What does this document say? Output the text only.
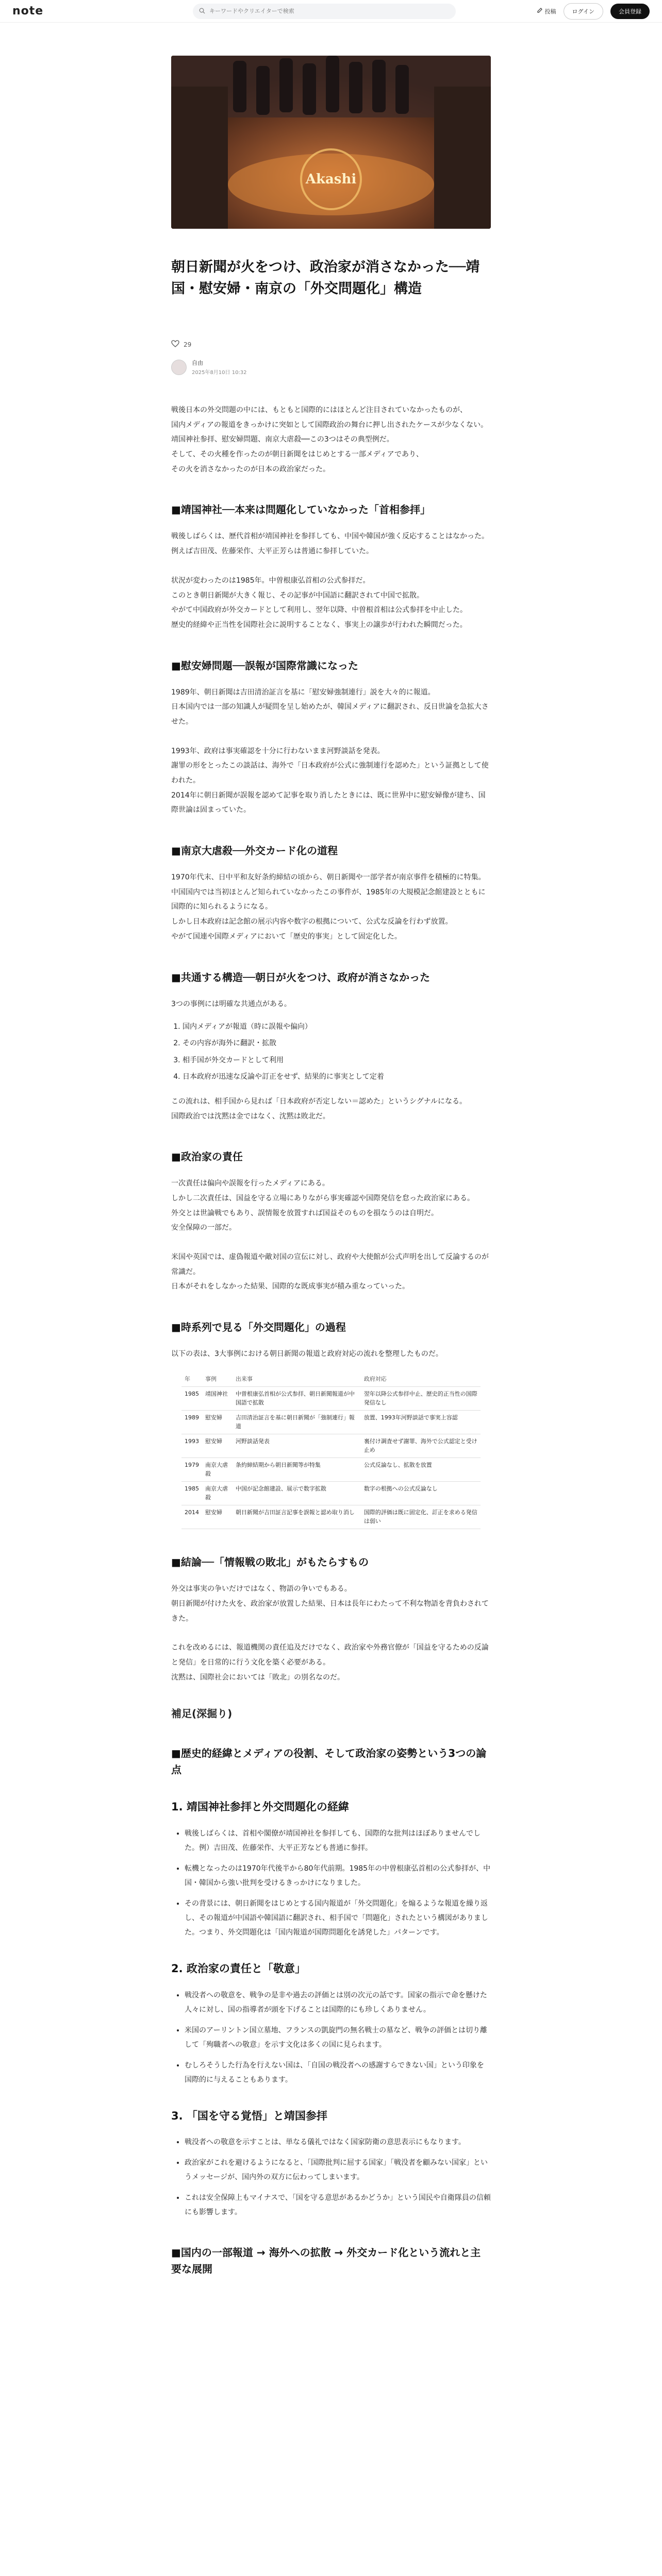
note
キーワードやクリエイターで検索	投稿	ログイン	会員登録
Akashi
朝日新聞が火をつけ、政治家が消さなかった──靖国・慰安婦・南京の「外交問題化」構造
29
自由
2025年8月10日 10:32

戦後日本の外交問題の中には、もともと国際的にはほとんど注目されていなかったものが、

国内メディアの報道をきっかけに突如として国際政治の舞台に押し出されたケースが少なくない。

靖国神社参拝、慰安婦問題、南京大虐殺──この3つはその典型例だ。

そして、その火種を作ったのが朝日新聞をはじめとする一部メディアであり、

その火を消さなかったのが日本の政治家だった。

■靖国神社──本来は問題化していなかった「首相参拝」

戦後しばらくは、歴代首相が靖国神社を参拝しても、中国や韓国が強く反応することはなかった。

例えば吉田茂、佐藤栄作、大平正芳らは普通に参拝していた。

状況が変わったのは1985年。中曽根康弘首相の公式参拝だ。

このとき朝日新聞が大きく報じ、その記事が中国語に翻訳されて中国で拡散。

やがて中国政府が外交カードとして利用し、翌年以降、中曽根首相は公式参拝を中止した。

歴史的経緯や正当性を国際社会に説明することなく、事実上の譲歩が行われた瞬間だった。

■慰安婦問題──誤報が国際常識になった

1989年、朝日新聞は吉田清治証言を基に「慰安婦強制連行」説を大々的に報道。

日本国内では一部の知識人が疑問を呈し始めたが、韓国メディアに翻訳され、反日世論を急拡大させた。

1993年、政府は事実確認を十分に行わないまま河野談話を発表。

謝罪の形をとったこの談話は、海外で「日本政府が公式に強制連行を認めた」という証拠として使われた。

2014年に朝日新聞が誤報を認めて記事を取り消したときには、既に世界中に慰安婦像が建ち、国際世論は固まっていた。

■南京大虐殺──外交カード化の道程

1970年代末、日中平和友好条約締結の頃から、朝日新聞や一部学者が南京事件を積極的に特集。

中国国内では当初ほとんど知られていなかったこの事件が、1985年の大規模記念館建設とともに国際的に知られるようになる。

しかし日本政府は記念館の展示内容や数字の根拠について、公式な反論を行わず放置。

やがて国連や国際メディアにおいて「歴史的事実」として固定化した。

■共通する構造──朝日が火をつけ、政府が消さなかった

3つの事例には明確な共通点がある。

1. 国内メディアが報道（時に誤報や偏向）
2. その内容が海外に翻訳・拡散
3. 相手国が外交カードとして利用
4. 日本政府が迅速な反論や訂正をせず、結果的に事実として定着

この流れは、相手国から見れば「日本政府が否定しない＝認めた」というシグナルになる。

国際政治では沈黙は金ではなく、沈黙は敗北だ。

■政治家の責任

一次責任は偏向や誤報を行ったメディアにある。

しかし二次責任は、国益を守る立場にありながら事実確認や国際発信を怠った政治家にある。

外交とは世論戦でもあり、誤情報を放置すれば国益そのものを損なうのは自明だ。

安全保障の一部だ。

米国や英国では、虚偽報道や敵対国の宣伝に対し、政府や大使館が公式声明を出して反論するのが常識だ。

日本がそれをしなかった結果、国際的な既成事実が積み重なっていった。

■時系列で見る「外交問題化」の過程

以下の表は、3大事例における朝日新聞の報道と政府対応の流れを整理したものだ。

年	事例	出来事	政府対応
1985	靖国神社	中曽根康弘首相が公式参拝、朝日新聞報道が中国語で拡散	翌年以降公式参拝中止、歴史的正当性の国際発信なし
1989	慰安婦	吉田清治証言を基に朝日新聞が「強制連行」報道	放置、1993年河野談話で事実上容認
1993	慰安婦	河野談話発表	裏付け調査せず謝罪、海外で公式認定と受け止め
1979	南京大虐殺	条約締結期から朝日新聞等が特集	公式反論なし、拡散を放置
1985	南京大虐殺	中国が記念館建設、展示で数字拡散	数字の根拠への公式反論なし
2014	慰安婦	朝日新聞が吉田証言記事を誤報と認め取り消し	国際的評価は既に固定化、訂正を求める発信は弱い
■結論──「情報戦の敗北」がもたらすもの

外交は事実の争いだけではなく、物語の争いでもある。

朝日新聞が付けた火を、政治家が放置した結果、日本は長年にわたって不利な物語を背負わされてきた。

これを改めるには、報道機関の責任追及だけでなく、政治家や外務官僚が「国益を守るための反論と発信」を日常的に行う文化を築く必要がある。

沈黙は、国際社会においては「敗北」の別名なのだ。

補足(深掘り)
■歴史的経緯とメディアの役割、そして政治家の姿勢という3つの論点
1. 靖国神社参拝と外交問題化の経緯
• 戦後しばらくは、首相や閣僚が靖国神社を参拝しても、国際的な批判はほぼありませんでした。例）吉田茂、佐藤栄作、大平正芳なども普通に参拝。
• 転機となったのは1970年代後半から80年代前期。1985年の中曽根康弘首相の公式参拝が、中国・韓国から強い批判を受けるきっかけになりました。
• その背景には、朝日新聞をはじめとする国内報道が「外交問題化」を煽るような報道を繰り返し、その報道が中国語や韓国語に翻訳され、相手国で「問題化」されたという構図がありました。つまり、外交問題化は「国内報道が国際問題化を誘発した」パターンです。
2. 政治家の責任と「敬意」
• 戦没者への敬意を、戦争の是非や過去の評価とは別の次元の話です。国家の指示で命を懸けた人々に対し、国の指導者が頭を下げることは国際的にも珍しくありません。
• 米国のアーリントン国立墓地、フランスの凱旋門の無名戦士の墓など、戦争の評価とは切り離して「殉職者への敬意」を示す文化は多くの国に見られます。
• むしろそうした行為を行えない国は、「自国の戦没者への感謝すらできない国」という印象を国際的に与えることもあります。
3. 「国を守る覚悟」と靖国参拝
• 戦没者への敬意を示すことは、単なる儀礼ではなく国家防衛の意思表示にもなります。
• 政治家がこれを避けるようになると、「国際批判に屈する国家」「戦没者を顧みない国家」というメッセージが、国内外の双方に伝わってしまいます。
• これは安全保障上もマイナスで、「国を守る意思があるかどうか」という国民や自衛隊員の信頼にも影響します。
■国内の一部報道 → 海外への拡散 → 外交カード化という流れと主要な展開
